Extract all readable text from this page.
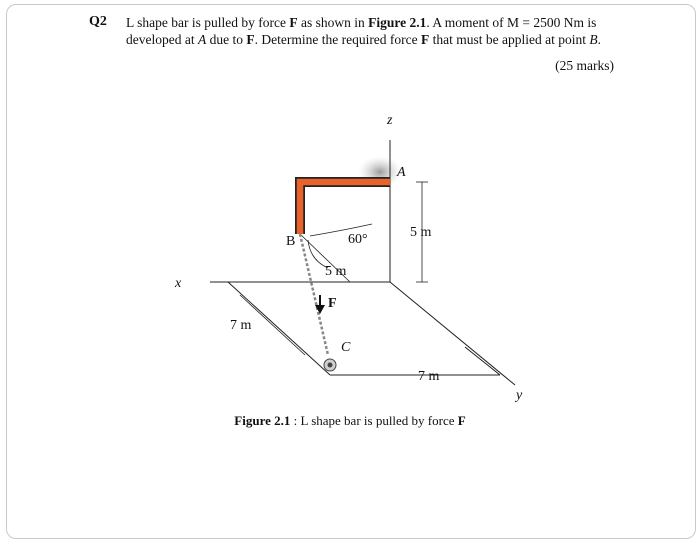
Q2 L shape bar is pulled by force F as shown in Figure 2.1. A moment of M = 2500 Nm is developed at A due to F. Determine the required force F that must be applied at point B.
(25 marks)
z
x
y
A
B
C
F
60°	5 m
5 m
7 m
7 m
Figure 2.1 : L shape bar is pulled by force F
